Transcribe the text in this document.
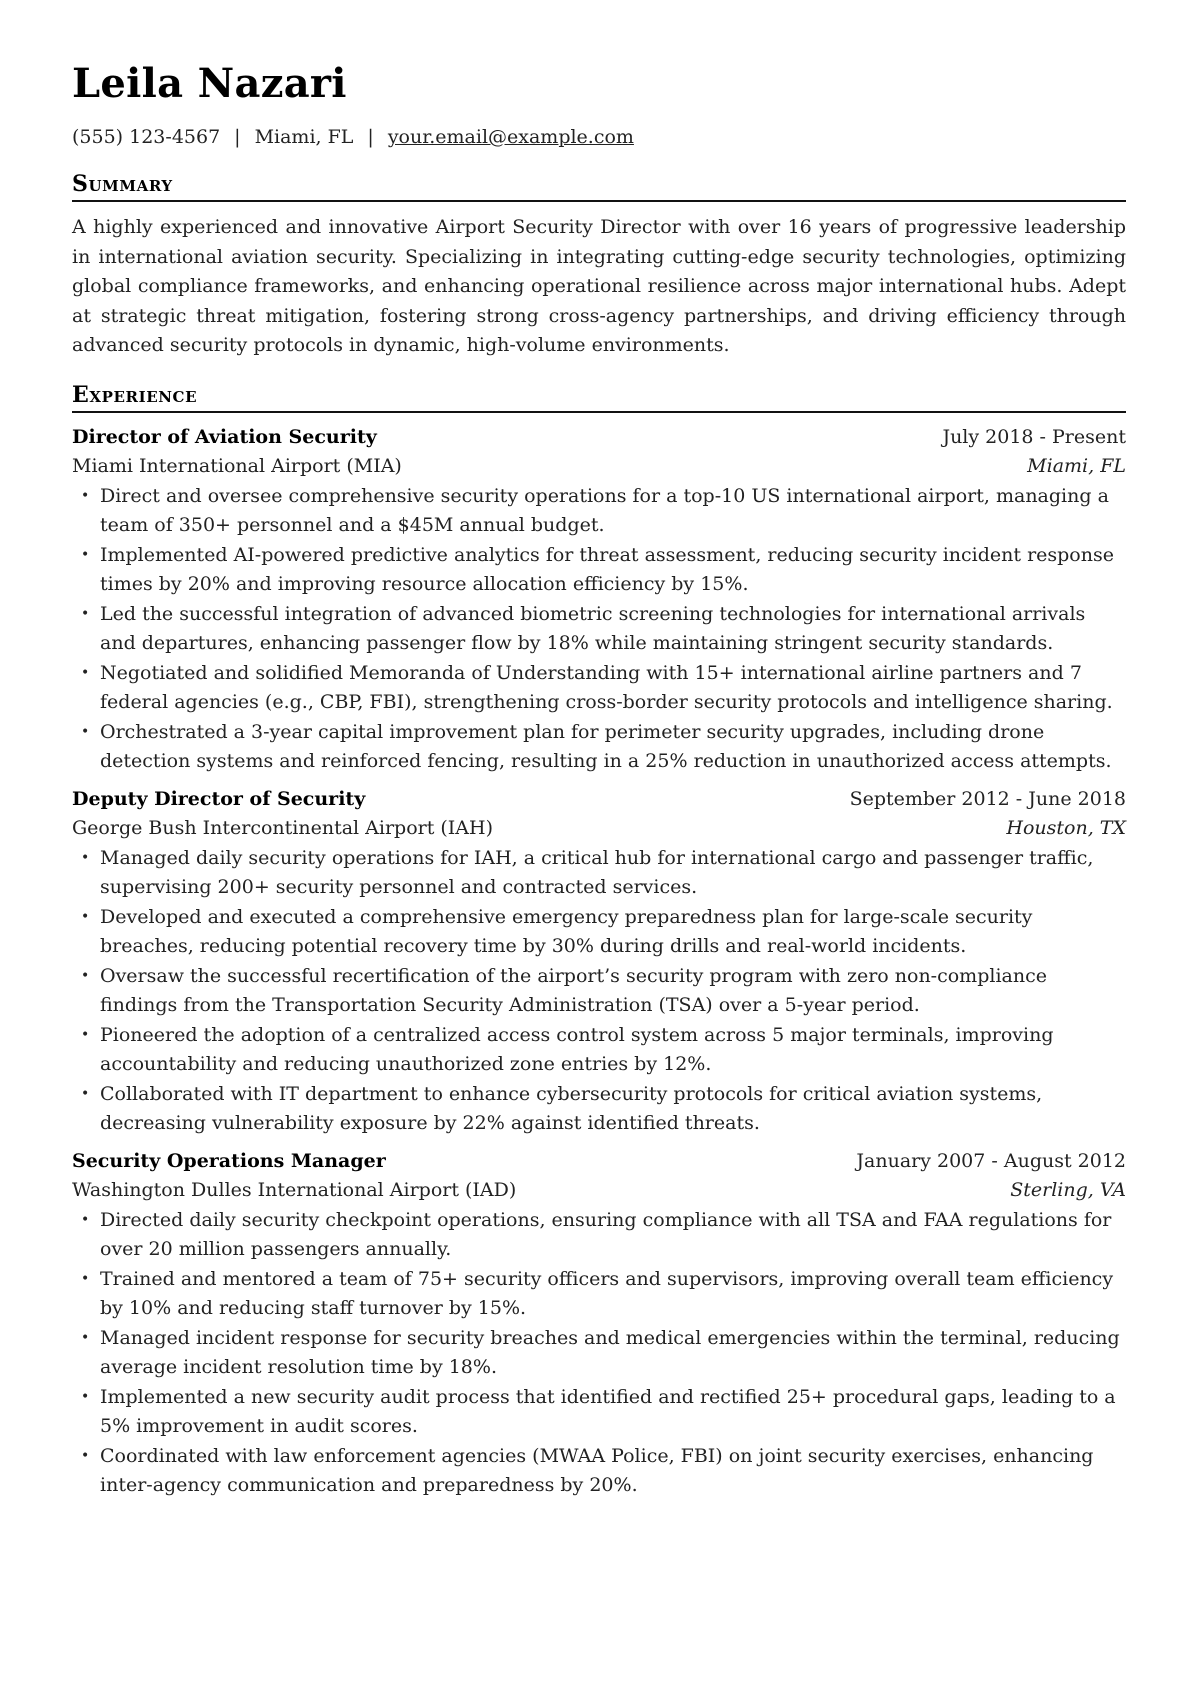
Leila Nazari
(555) 123-4567 | Miami, FL | your.email@example.com
Summary

A highly experienced and innovative Airport Security Director with over 16 years of progressive leadership in international aviation security. Specializing in integrating cutting-edge security technologies, optimizing global compliance frameworks, and enhancing operational resilience across major international hubs. Adept at strategic threat mitigation, fostering strong cross-agency partnerships, and driving efficiency through advanced security protocols in dynamic, high-volume environments.

Experience
Director of Aviation Security	July 2018 - Present
Miami International Airport (MIA)	Miami, FL
• Direct and oversee comprehensive security operations for a top-10 US international airport, managing a team of 350+ personnel and a $45M annual budget.
• Implemented AI-powered predictive analytics for threat assessment, reducing security incident response times by 20% and improving resource allocation efficiency by 15%.
• Led the successful integration of advanced biometric screening technologies for international arrivals and departures, enhancing passenger flow by 18% while maintaining stringent security standards.
• Negotiated and solidified Memoranda of Understanding with 15+ international airline partners and 7 federal agencies (e.g., CBP, FBI), strengthening cross-border security protocols and intelligence sharing.
• Orchestrated a 3-year capital improvement plan for perimeter security upgrades, including drone detection systems and reinforced fencing, resulting in a 25% reduction in unauthorized access attempts.
Deputy Director of Security	September 2012 - June 2018
George Bush Intercontinental Airport (IAH)	Houston, TX
• Managed daily security operations for IAH, a critical hub for international cargo and passenger traffic, supervising 200+ security personnel and contracted services.
• Developed and executed a comprehensive emergency preparedness plan for large-scale security breaches, reducing potential recovery time by 30% during drills and real-world incidents.
• Oversaw the successful recertification of the airport’s security program with zero non-compliance findings from the Transportation Security Administration (TSA) over a 5-year period.
• Pioneered the adoption of a centralized access control system across 5 major terminals, improving accountability and reducing unauthorized zone entries by 12%.
• Collaborated with IT department to enhance cybersecurity protocols for critical aviation systems, decreasing vulnerability exposure by 22% against identified threats.
Security Operations Manager	January 2007 - August 2012
Washington Dulles International Airport (IAD)	Sterling, VA
• Directed daily security checkpoint operations, ensuring compliance with all TSA and FAA regulations for over 20 million passengers annually.
• Trained and mentored a team of 75+ security officers and supervisors, improving overall team efficiency by 10% and reducing staff turnover by 15%.
• Managed incident response for security breaches and medical emergencies within the terminal, reducing average incident resolution time by 18%.
• Implemented a new security audit process that identified and rectified 25+ procedural gaps, leading to a 5% improvement in audit scores.
• Coordinated with law enforcement agencies (MWAA Police, FBI) on joint security exercises, enhancing inter-agency communication and preparedness by 20%.
